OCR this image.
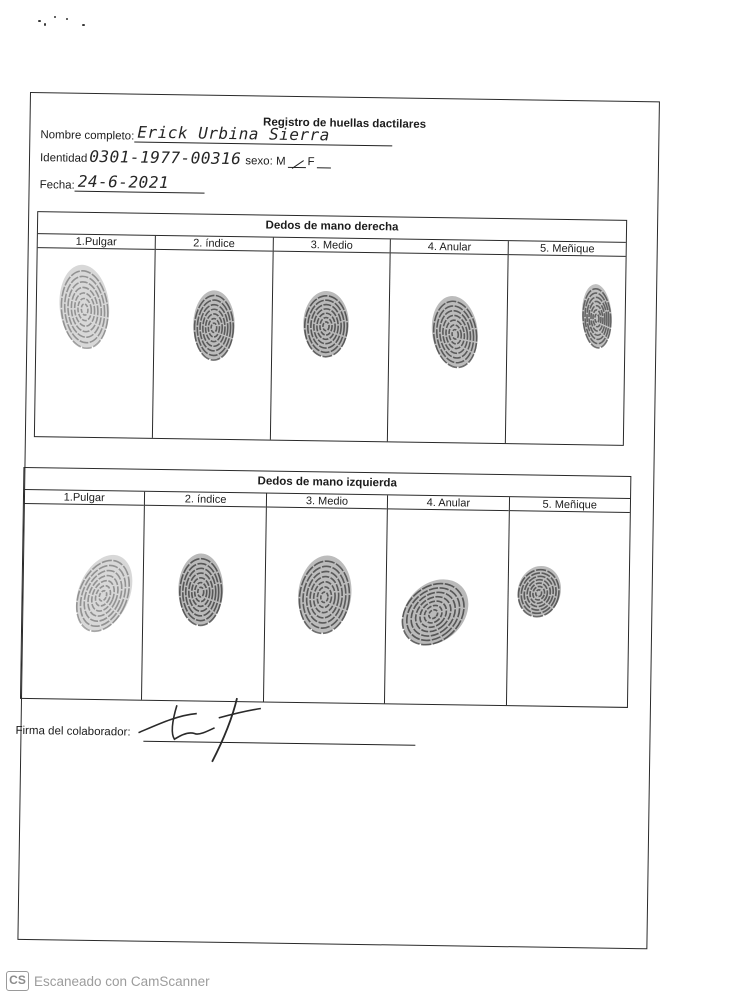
Registro de huellas dactilares
Nombre completo: Erick Urbina Sierra
Identidad 0301-1977-00316 sexo: M F
Fecha: 24-6-2021
Dedos de mano derecha
1.Pulgar	2. índice	3. Medio	4. Anular	5. Meñique
Dedos de mano izquierda
1.Pulgar	2. índice	3. Medio	4. Anular	5. Meñique
Firma del colaborador:
CS Escaneado con CamScanner
